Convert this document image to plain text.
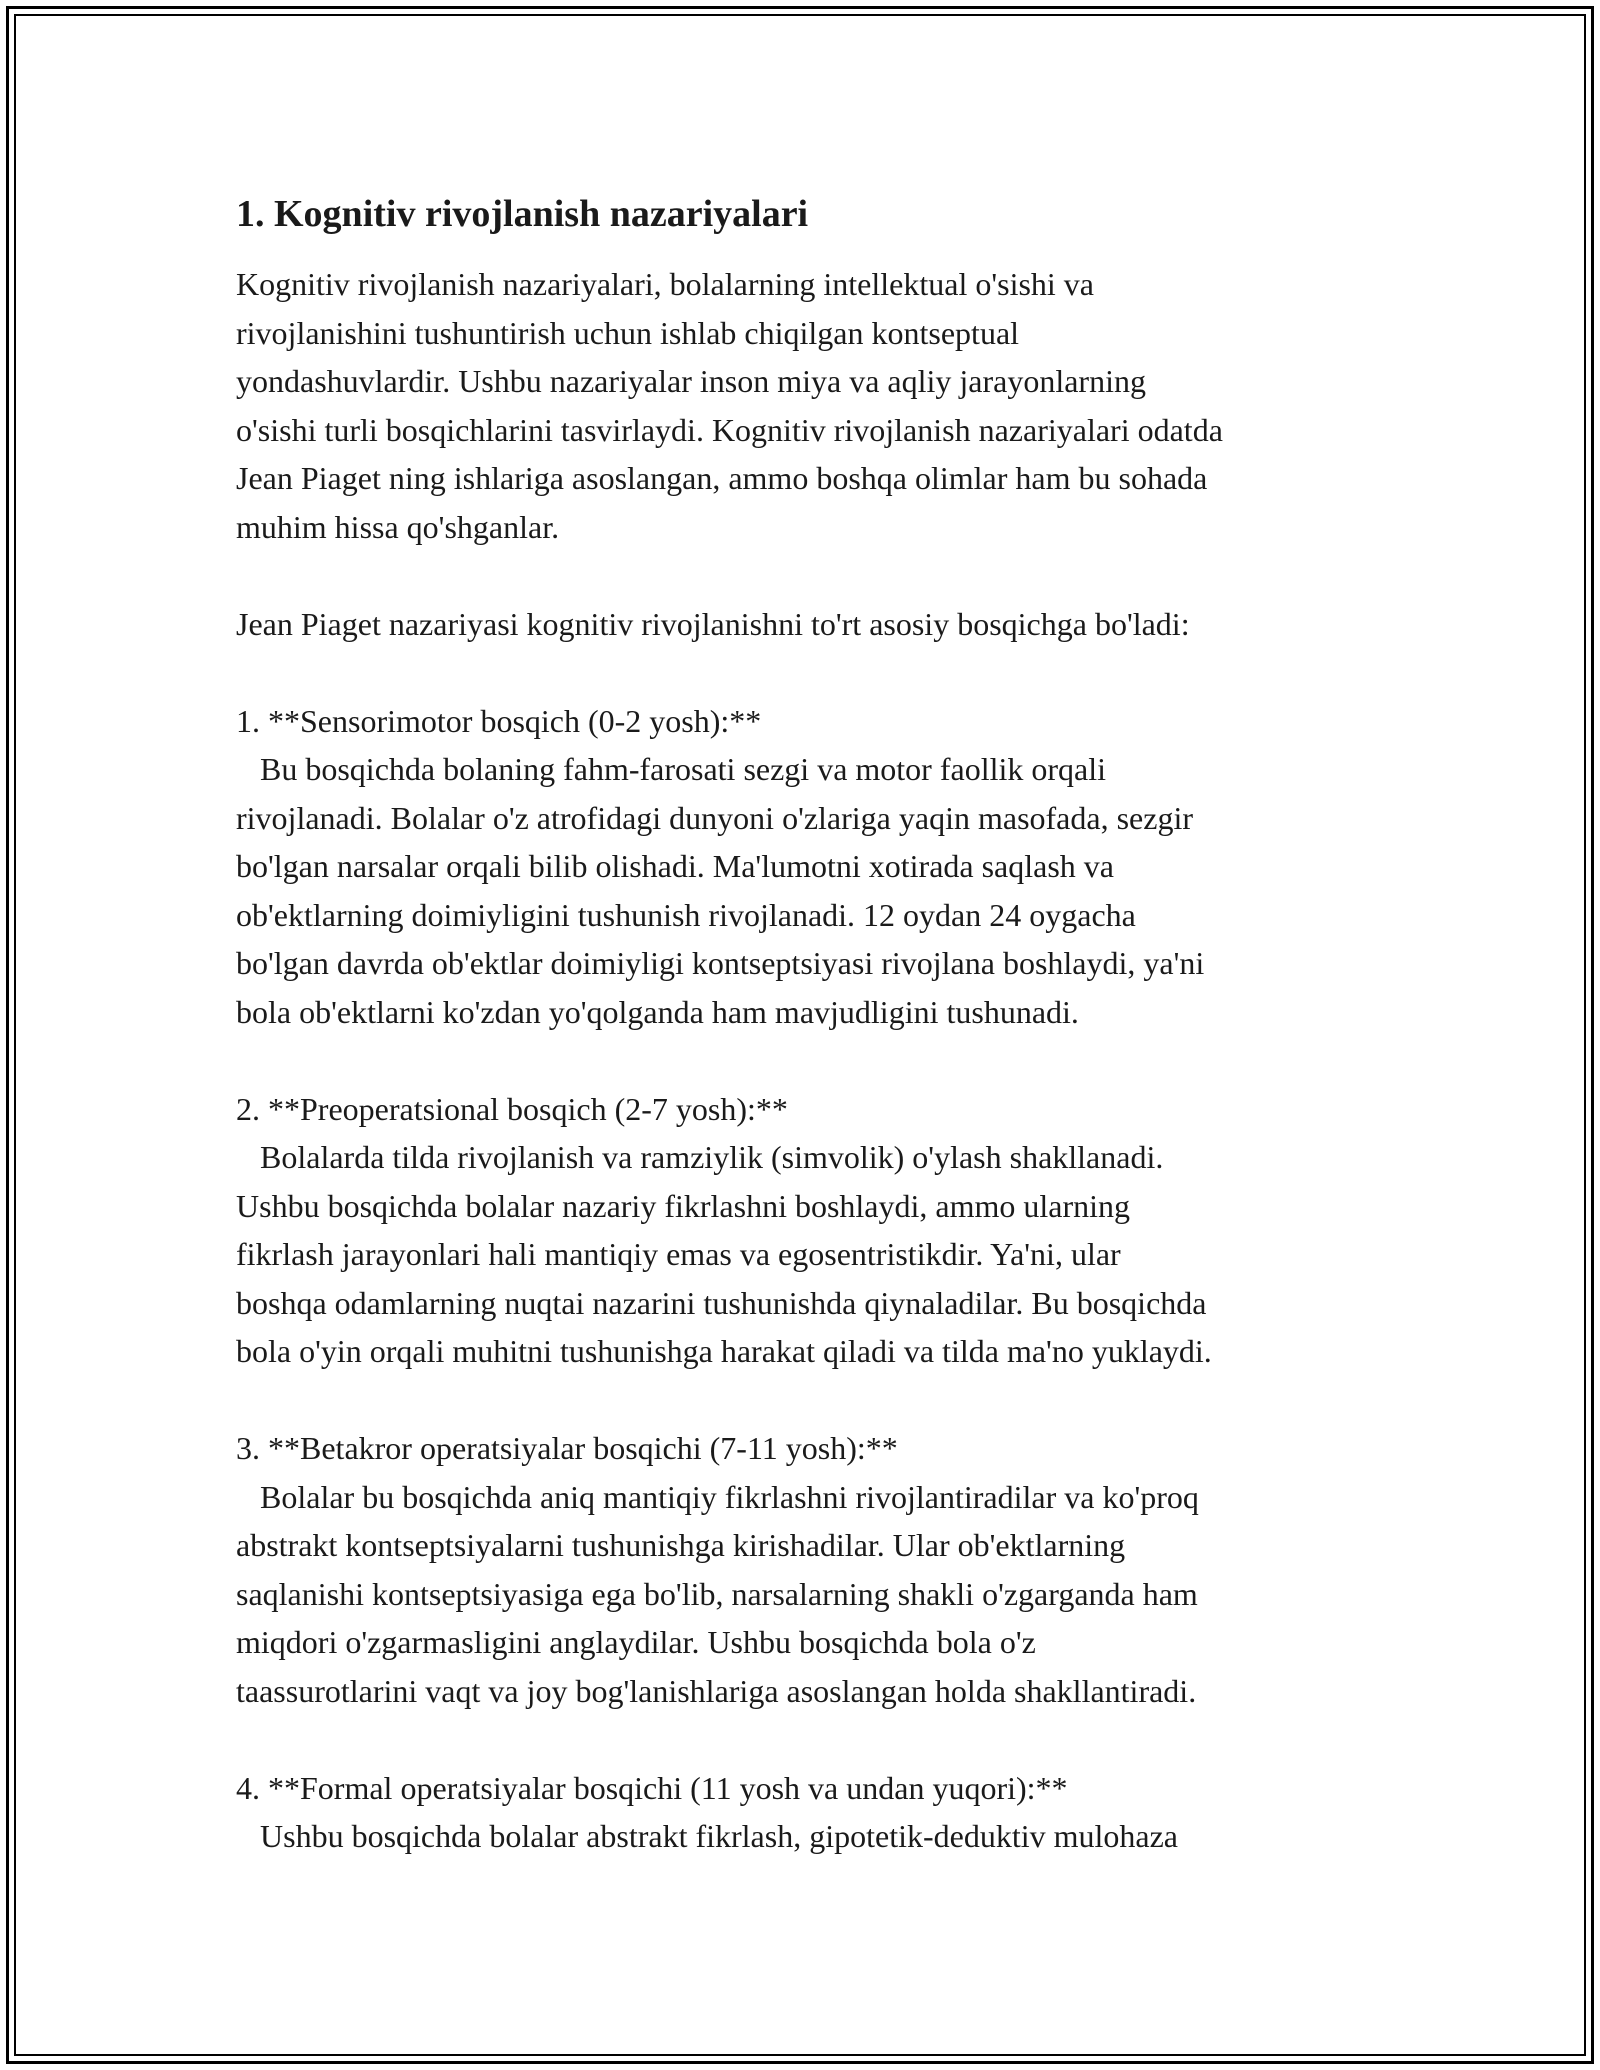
1. Kognitiv rivojlanish nazariyalari

Kognitiv rivojlanish nazariyalari, bolalarning intellektual o'sishi va
rivojlanishini tushuntirish uchun ishlab chiqilgan kontseptual
yondashuvlardir. Ushbu nazariyalar inson miya va aqliy jarayonlarning
o'sishi turli bosqichlarini tasvirlaydi. Kognitiv rivojlanish nazariyalari odatda
Jean Piaget ning ishlariga asoslangan, ammo boshqa olimlar ham bu sohada
muhim hissa qo'shganlar.

Jean Piaget nazariyasi kognitiv rivojlanishni to'rt asosiy bosqichga bo'ladi:

1. **Sensorimotor bosqich (0-2 yosh):**
Bu bosqichda bolaning fahm-farosati sezgi va motor faollik orqali
rivojlanadi. Bolalar o'z atrofidagi dunyoni o'zlariga yaqin masofada, sezgir
bo'lgan narsalar orqali bilib olishadi. Ma'lumotni xotirada saqlash va
ob'ektlarning doimiyligini tushunish rivojlanadi. 12 oydan 24 oygacha
bo'lgan davrda ob'ektlar doimiyligi kontseptsiyasi rivojlana boshlaydi, ya'ni
bola ob'ektlarni ko'zdan yo'qolganda ham mavjudligini tushunadi.

2. **Preoperatsional bosqich (2-7 yosh):**
Bolalarda tilda rivojlanish va ramziylik (simvolik) o'ylash shakllanadi.
Ushbu bosqichda bolalar nazariy fikrlashni boshlaydi, ammo ularning
fikrlash jarayonlari hali mantiqiy emas va egosentristikdir. Ya'ni, ular
boshqa odamlarning nuqtai nazarini tushunishda qiynaladilar. Bu bosqichda
bola o'yin orqali muhitni tushunishga harakat qiladi va tilda ma'no yuklaydi.

3. **Betakror operatsiyalar bosqichi (7-11 yosh):**
Bolalar bu bosqichda aniq mantiqiy fikrlashni rivojlantiradilar va ko'proq
abstrakt kontseptsiyalarni tushunishga kirishadilar. Ular ob'ektlarning
saqlanishi kontseptsiyasiga ega bo'lib, narsalarning shakli o'zgarganda ham
miqdori o'zgarmasligini anglaydilar. Ushbu bosqichda bola o'z
taassurotlarini vaqt va joy bog'lanishlariga asoslangan holda shakllantiradi.

4. **Formal operatsiyalar bosqichi (11 yosh va undan yuqori):**
Ushbu bosqichda bolalar abstrakt fikrlash, gipotetik-deduktiv mulohaza
